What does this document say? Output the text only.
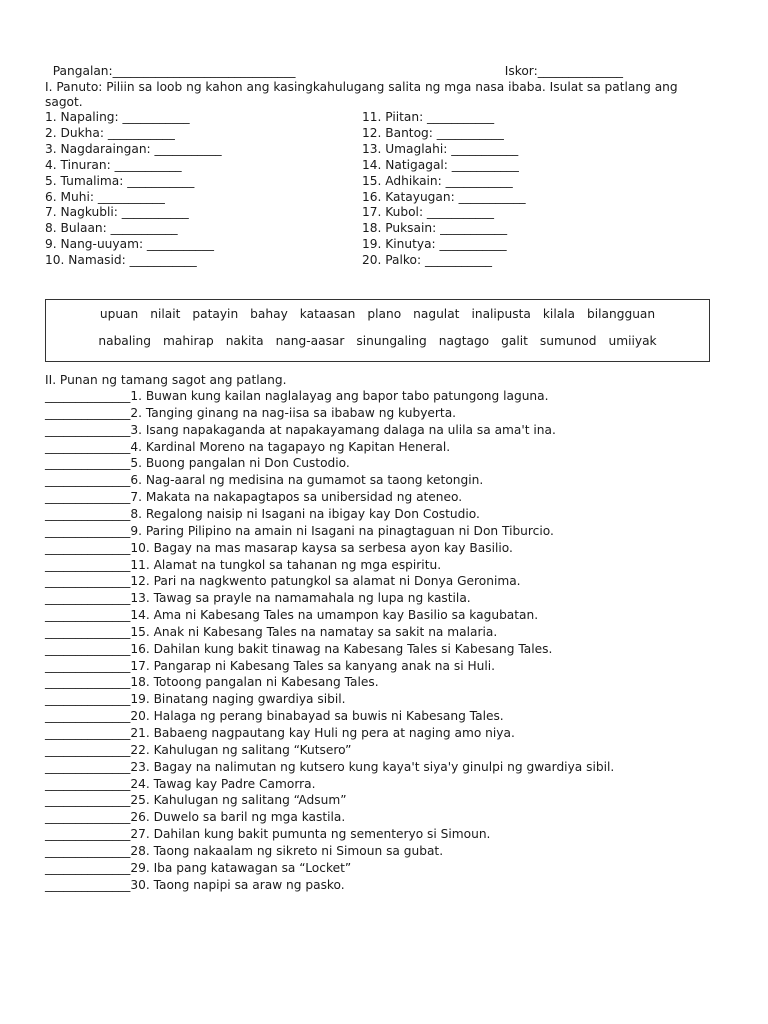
Pangalan:______________________________	Iskor:______________

I. Panuto: Piliin sa loob ng kahon ang kasingkahulugang salita ng mga nasa ibaba. Isulat sa patlang ang
sagot.
1. Napaling: ___________
2. Dukha: ___________
3. Nagdaraingan: ___________
4. Tinuran: ___________
5. Tumalima: ___________
6. Muhi: ___________
7. Nagkubli: ___________
8. Bulaan: ___________
9. Nang-uuyam: ___________
10. Namasid: ___________
11. Piitan: ___________
12. Bantog: ___________
13. Umaglahi: ___________
14. Natigagal: ___________
15. Adhikain: ___________
16. Katayugan: ___________
17. Kubol: ___________
18. Puksain: ___________
19. Kinutya: ___________
20. Palko: ___________
upuan nilait patayin bahay kataasan plano nagulat inalipusta kilala bilangguan
nabaling mahirap nakita nang-aasar sinungaling nagtago galit sumunod umiiyak
II. Punan ng tamang sagot ang patlang.
______________1. Buwan kung kailan naglalayag ang bapor tabo patungong laguna.
______________2. Tanging ginang na nag-iisa sa ibabaw ng kubyerta.
______________3. Isang napakaganda at napakayamang dalaga na ulila sa ama't ina.
______________4. Kardinal Moreno na tagapayo ng Kapitan Heneral.
______________5. Buong pangalan ni Don Custodio.
______________6. Nag-aaral ng medisina na gumamot sa taong ketongin.
______________7. Makata na nakapagtapos sa unibersidad ng ateneo.
______________8. Regalong naisip ni Isagani na ibigay kay Don Costudio.
______________9. Paring Pilipino na amain ni Isagani na pinagtaguan ni Don Tiburcio.
______________10. Bagay na mas masarap kaysa sa serbesa ayon kay Basilio.
______________11. Alamat na tungkol sa tahanan ng mga espiritu.
______________12. Pari na nagkwento patungkol sa alamat ni Donya Geronima.
______________13. Tawag sa prayle na namamahala ng lupa ng kastila.
______________14. Ama ni Kabesang Tales na umampon kay Basilio sa kagubatan.
______________15. Anak ni Kabesang Tales na namatay sa sakit na malaria.
______________16. Dahilan kung bakit tinawag na Kabesang Tales si Kabesang Tales.
______________17. Pangarap ni Kabesang Tales sa kanyang anak na si Huli.
______________18. Totoong pangalan ni Kabesang Tales.
______________19. Binatang naging gwardiya sibil.
______________20. Halaga ng perang binabayad sa buwis ni Kabesang Tales.
______________21. Babaeng nagpautang kay Huli ng pera at naging amo niya.
______________22. Kahulugan ng salitang “Kutsero”
______________23. Bagay na nalimutan ng kutsero kung kaya't siya'y ginulpi ng gwardiya sibil.
______________24. Tawag kay Padre Camorra.
______________25. Kahulugan ng salitang “Adsum”
______________26. Duwelo sa baril ng mga kastila.
______________27. Dahilan kung bakit pumunta ng sementeryo si Simoun.
______________28. Taong nakaalam ng sikreto ni Simoun sa gubat.
______________29. Iba pang katawagan sa “Locket”
______________30. Taong napipi sa araw ng pasko.
